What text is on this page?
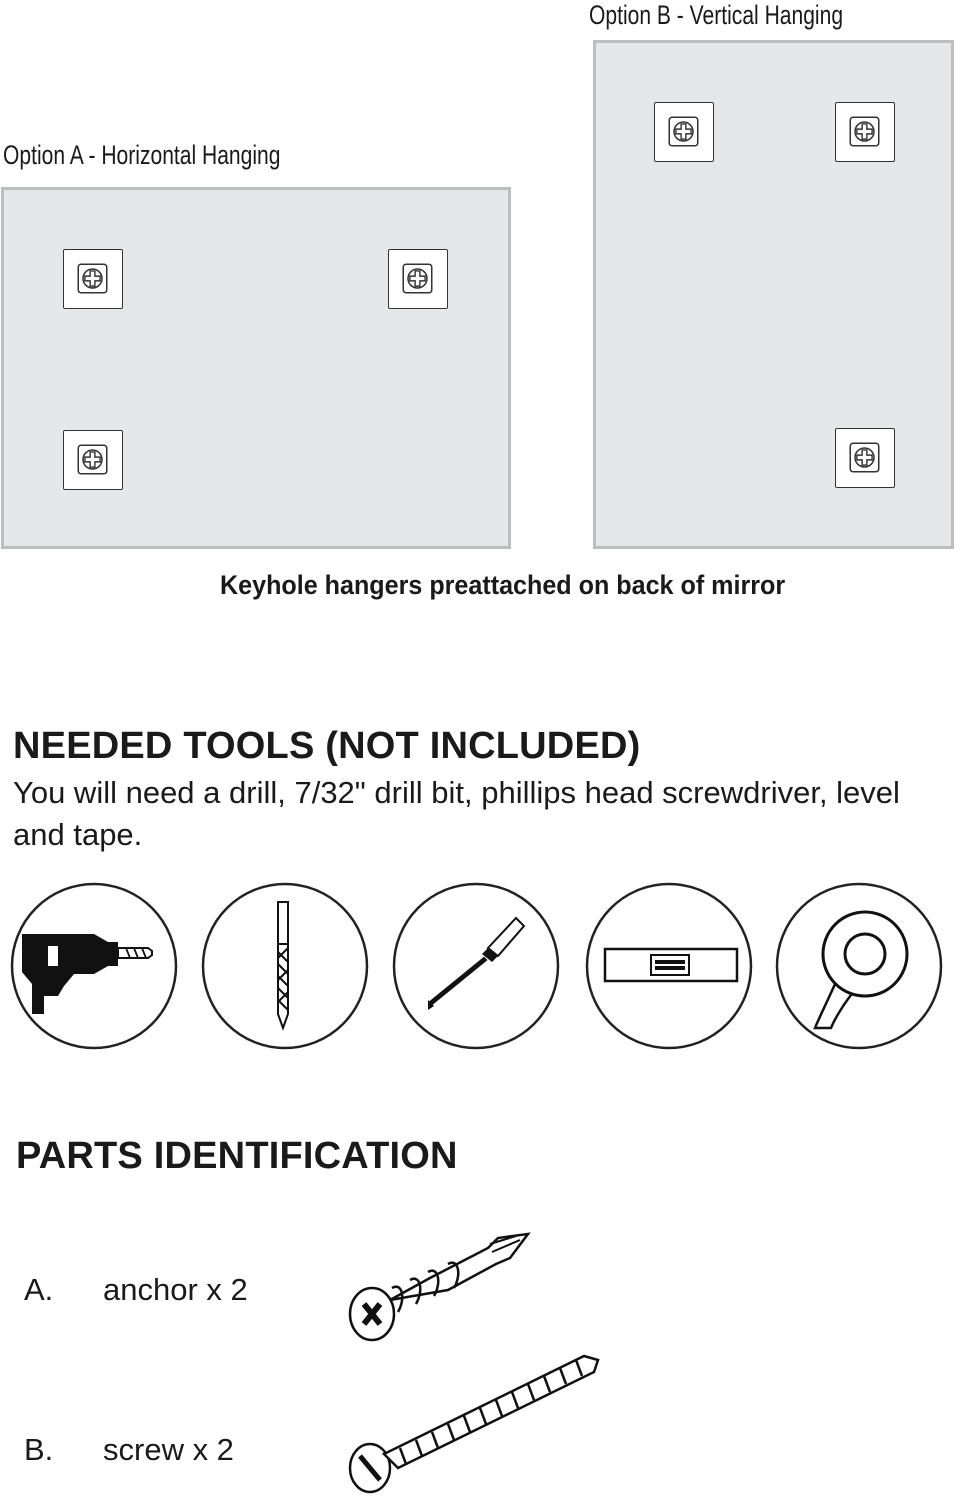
Option B - Vertical Hanging
Option A - Horizontal Hanging
Keyhole hangers preattached on back of mirror
NEEDED TOOLS (NOT INCLUDED)
You will need a drill, 7/32" drill bit, phillips head screwdriver, level and tape.
PARTS IDENTIFICATION
A. anchor x 2
B. screw x 2
